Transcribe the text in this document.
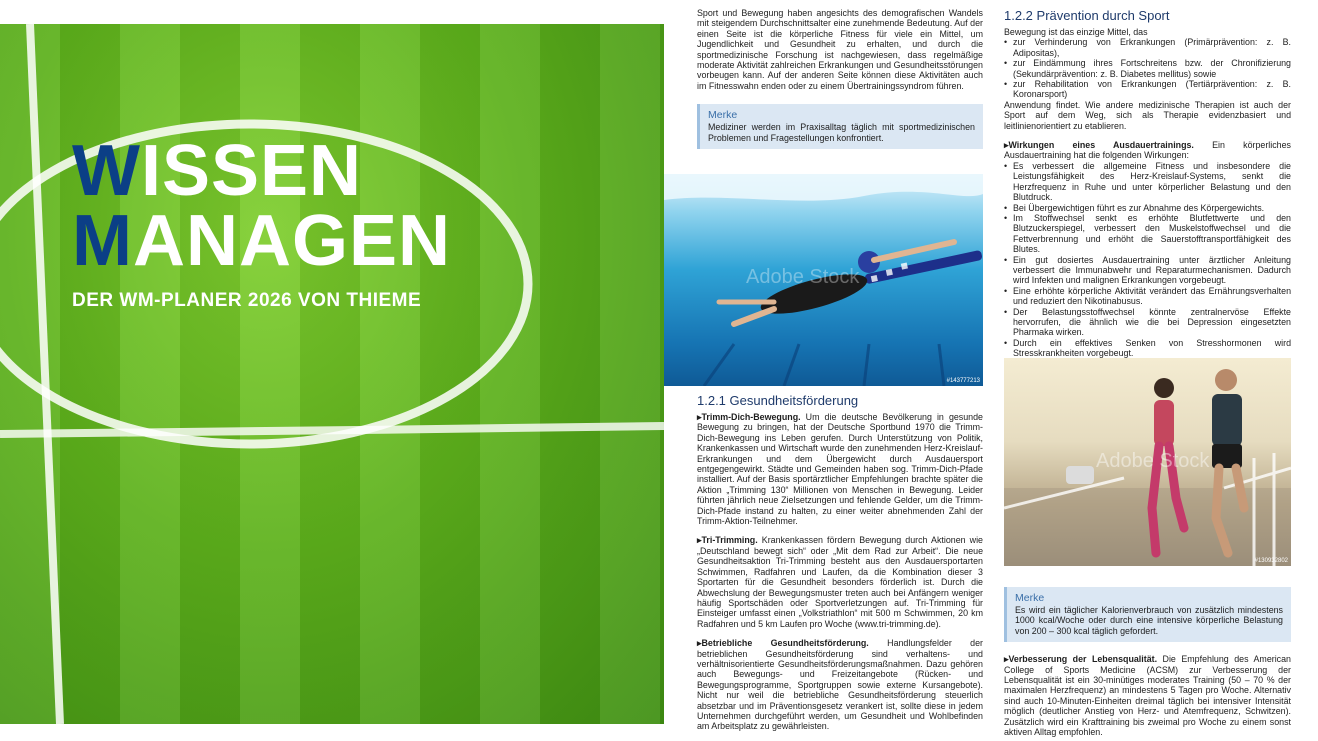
WISSEN
MANAGEN
DER WM-PLANER 2026 VON THIEME

Sport und Bewegung haben angesichts des demografischen Wandels mit steigendem Durchschnittsalter eine zunehmende Bedeutung. Auf der einen Seite ist die körperliche Fitness für viele ein Mittel, um Jugendlichkeit und Gesundheit zu erhalten, und durch die sportmedizinische Forschung ist nachgewiesen, dass regelmäßige moderate Aktivität zahlreichen Erkrankungen und Gesundheitsstörungen vorbeugen kann. Auf der anderen Seite können diese Aktivitäten auch im Fitnesswahn enden oder zu einem Übertrainingssyndrom führen.

Merke
Mediziner werden im Praxisalltag täglich mit sportmedizinischen Problemen und Fragestellungen konfrontiert.
Adobe Stock
#143777213
1.2.1 Gesundheitsförderung

▸ Trimm-Dich-Bewegung. Um die deutsche Bevölkerung in gesunde Bewegung zu bringen, hat der Deutsche Sportbund 1970 die Trimm-Dich-Bewegung ins Leben gerufen. Durch Unterstützung von Politik, Krankenkassen und Wirtschaft wurde den zunehmenden Herz-Kreislauf-Erkrankungen und dem Übergewicht durch Ausdauersport entgegengewirkt. Städte und Gemeinden haben sog. Trimm-Dich-Pfade installiert. Auf der Basis sportärztlicher Empfehlungen brachte später die Aktion „Trimming 130“ Millionen von Menschen in Bewegung. Leider führten jährlich neue Zielsetzungen und fehlende Gelder, um die Trimm-Dich-Pfade instand zu halten, zu einer weiter abnehmenden Zahl der Trimm-Aktion-Teilnehmer.

▸ Tri-Trimming. Krankenkassen fördern Bewegung durch Aktionen wie „Deutschland bewegt sich“ oder „Mit dem Rad zur Arbeit“. Die neue Gesundheitsaktion Tri-Trimming besteht aus den Ausdauersportarten Schwimmen, Radfahren und Laufen, da die Kombination dieser 3 Sportarten für die Gesundheit besonders förderlich ist. Durch die Abwechslung der Bewegungsmuster treten auch bei Anfängern weniger häufig Sportschäden oder Sportverletzungen auf. Tri-Trimming für Einsteiger umfasst einen „Volkstriathlon“ mit 500 m Schwimmen, 20 km Radfahren und 5 km Laufen pro Woche (www.tri-trimming.de).

▸ Betriebliche Gesundheitsförderung. Handlungsfelder der betrieblichen Gesundheitsförderung sind verhaltens- und verhältnisorientierte Gesundheitsförderungsmaßnahmen. Dazu gehören auch Bewegungs- und Freizeitangebote (Rücken- und Bewegungsprogramme, Sportgruppen sowie externe Kursangebote). Nicht nur weil die betriebliche Gesundheitsförderung steuerlich absetzbar und im Präventionsgesetz verankert ist, sollte diese in jedem Unternehmen durchgeführt werden, um Gesundheit und Wohlbefinden am Arbeitsplatz zu gewährleisten.

1.2.2 Prävention durch Sport
Bewegung ist das einzige Mittel, das
• zur Verhinderung von Erkrankungen (Primärprävention: z. B. Adipositas),
• zur Eindämmung ihres Fortschreitens bzw. der Chronifizierung (Sekundärprävention: z. B. Diabetes mellitus) sowie
• zur Rehabilitation von Erkrankungen (Tertiärprävention: z. B. Koronarsport)

Anwendung findet. Wie andere medizinische Therapien ist auch der Sport auf dem Weg, sich als Therapie evidenzbasiert und leitlinienorientiert zu etablieren.

▸ Wirkungen eines Ausdauertrainings. Ein körperliches Ausdauertraining hat die folgenden Wirkungen:
• Es verbessert die allgemeine Fitness und insbesondere die Leistungsfähigkeit des Herz-Kreislauf-Systems, senkt die Herzfrequenz in Ruhe und unter körperlicher Belastung und den Blutdruck.
• Bei Übergewichtigen führt es zur Abnahme des Körpergewichts.
• Im Stoffwechsel senkt es erhöhte Blutfettwerte und den Blutzuckerspiegel, verbessert den Muskelstoffwechsel und die Fettverbrennung und erhöht die Sauerstofftransportfähigkeit des Blutes.
• Ein gut dosiertes Ausdauertraining unter ärztlicher Anleitung verbessert die Immunabwehr und Reparaturmechanismen. Dadurch wird Infekten und malignen Erkrankungen vorgebeugt.
• Eine erhöhte körperliche Aktivität verändert das Ernährungsverhalten und reduziert den Nikotinabusus.
• Der Belastungsstoffwechsel könnte zentralnervöse Effekte hervorrufen, die ähnlich wie die bei Depression eingesetzten Pharmaka wirken.
• Durch ein effektives Senken von Stresshormonen wird Stresskrankheiten vorgebeugt.
Adobe Stock
#130932802
Merke
Es wird ein täglicher Kalorienverbrauch von zusätzlich mindestens 1000 kcal/Woche oder durch eine intensive körperliche Belastung von 200 – 300 kcal täglich gefordert.

▸ Verbesserung der Lebensqualität. Die Empfehlung des American College of Sports Medicine (ACSM) zur Verbesserung der Lebensqualität ist ein 30-minütiges moderates Training (50 – 70 % der maximalen Herzfrequenz) an mindestens 5 Tagen pro Woche. Alternativ sind auch 10-Minuten-Einheiten dreimal täglich bei intensiver Intensität möglich (deutlicher Anstieg von Herz- und Atemfrequenz, Schwitzen). Zusätzlich wird ein Krafttraining bis zweimal pro Woche zu einem sonst aktiven Alltag empfohlen.
